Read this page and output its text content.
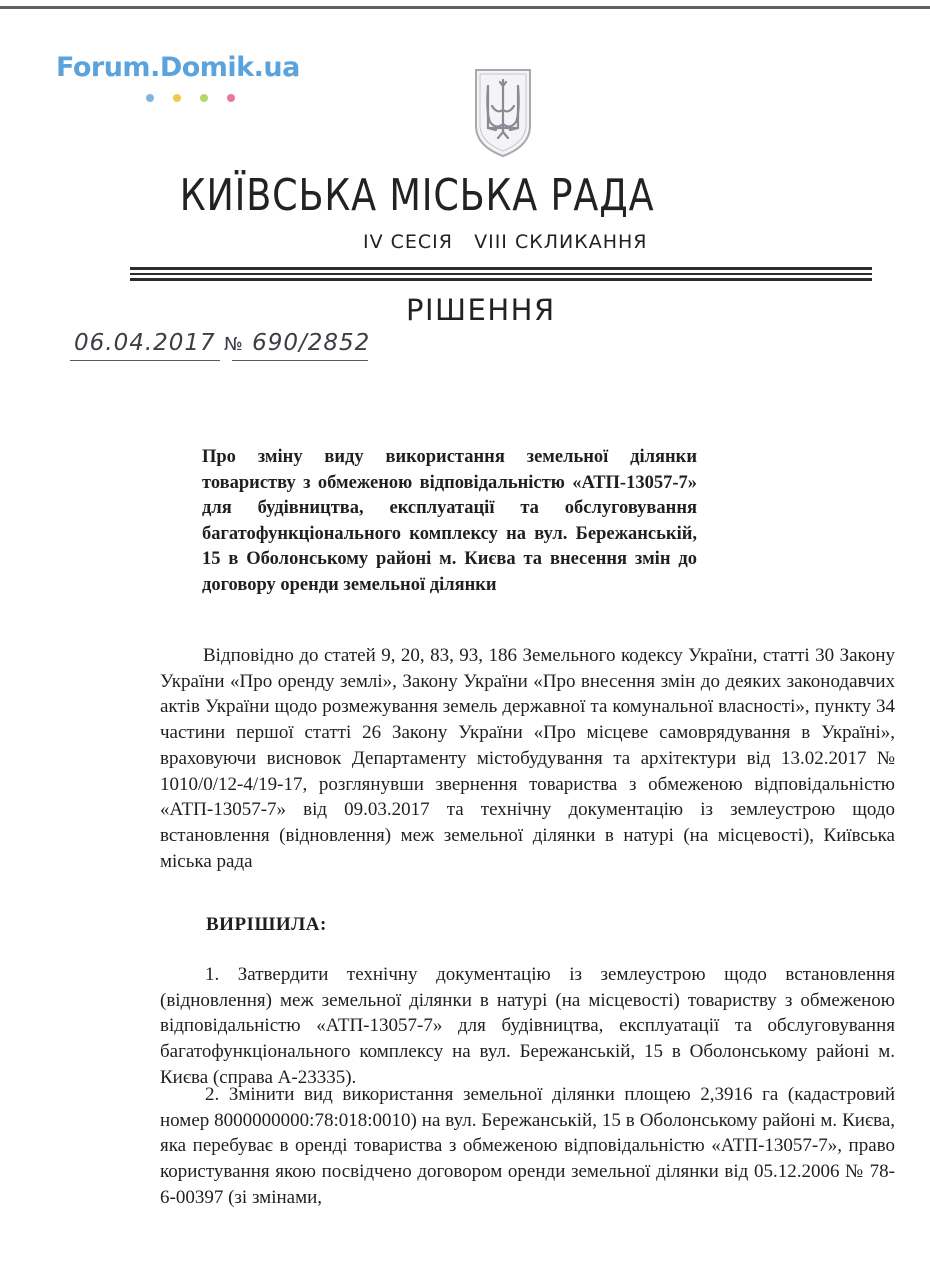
Forum.Domik.ua
КИЇВСЬКА МІСЬКА РАДА
IV СЕСІЯ   VIII СКЛИКАННЯ
РІШЕННЯ
06.04.2017 № 690/2852
Про зміну виду використання земельної ділянки товариству з обмеженою відповідальністю «АТП-13057-7» для будівництва, експлуатації та обслуговування багатофункціонального комплексу на вул. Бережанській, 15 в Оболонському районі м. Києва та внесення змін до договору оренди земельної ділянки
Відповідно до статей 9, 20, 83, 93, 186 Земельного кодексу України, статті 30 Закону України «Про оренду землі», Закону України «Про внесення змін до деяких законодавчих актів України щодо розмежування земель державної та комунальної власності», пункту 34 частини першої статті 26 Закону України «Про місцеве самоврядування в Україні», враховуючи висновок Департаменту містобудування та архітектури від 13.02.2017 № 1010/0/12-4/19-17, розглянувши звернення товариства з обмеженою відповідальністю «АТП-13057-7» від 09.03.2017 та технічну документацію із землеустрою щодо встановлення (відновлення) меж земельної ділянки в натурі (на місцевості), Київська міська рада
ВИРІШИЛА:
1. Затвердити технічну документацію із землеустрою щодо встановлення (відновлення) меж земельної ділянки в натурі (на місцевості) товариству з обмеженою відповідальністю «АТП-13057-7» для будівництва, експлуатації та обслуговування багатофункціонального комплексу на вул. Бережанській, 15 в Оболонському районі м. Києва (справа А-23335).
2. Змінити вид використання земельної ділянки площею 2,3916 га (кадастровий номер 8000000000:78:018:0010) на вул. Бережанській, 15 в Оболонському районі м. Києва, яка перебуває в оренді товариства з обмеженою відповідальністю «АТП-13057-7», право користування якою посвідчено договором оренди земельної ділянки від 05.12.2006 № 78-6-00397 (зі змінами,
